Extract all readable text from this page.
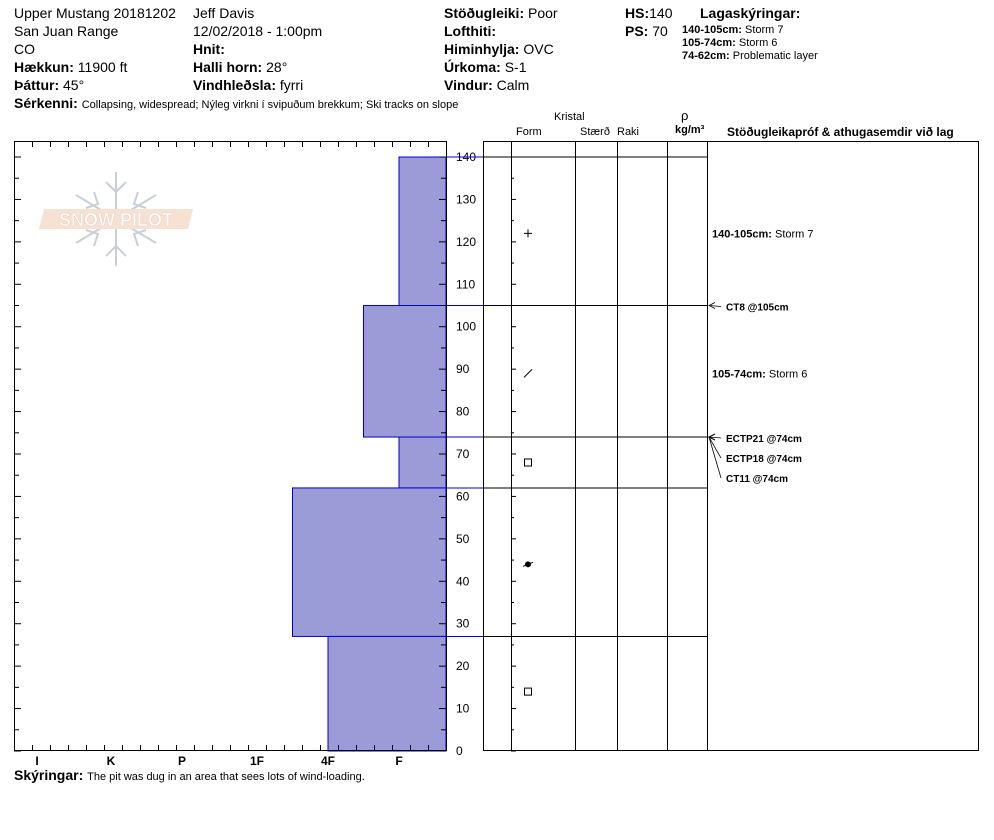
Upper Mustang 20181202
San Juan Range
CO
Hækkun: 11900 ft
Þáttur: 45°
Jeff Davis
12/02/2018 - 1:00pm
Hnit:
Halli horn: 28°
Vindhleðsla: fyrri
Stöðugleiki: Poor
Lofthiti:
Himinhylja: OVC
Úrkoma: S-1
Vindur: Calm
HS:140
PS: 70
Lagaskýringar:
140-105cm: Storm 7
105-74cm: Storm 6
74-62cm: Problematic layer
Sérkenni: Collapsing, widespread; Nýleg virkni í svipuðum brekkum; Ski tracks on slope
Kristal
Form	Stærð Raki
ρ
kg/m³ Stöðugleikapróf & athugasemdir við lag
SNOW PILOT
I	K	P	1F	4F	F
0
10
20
30
40
50
60
70
80
90
100
110
120
130
140
140-105cm: Storm 7
105-74cm: Storm 6
CT8 @105cm
ECTP21 @74cm
ECTP18 @74cm
CT11 @74cm
Skýringar: The pit was dug in an area that sees lots of wind-loading.
